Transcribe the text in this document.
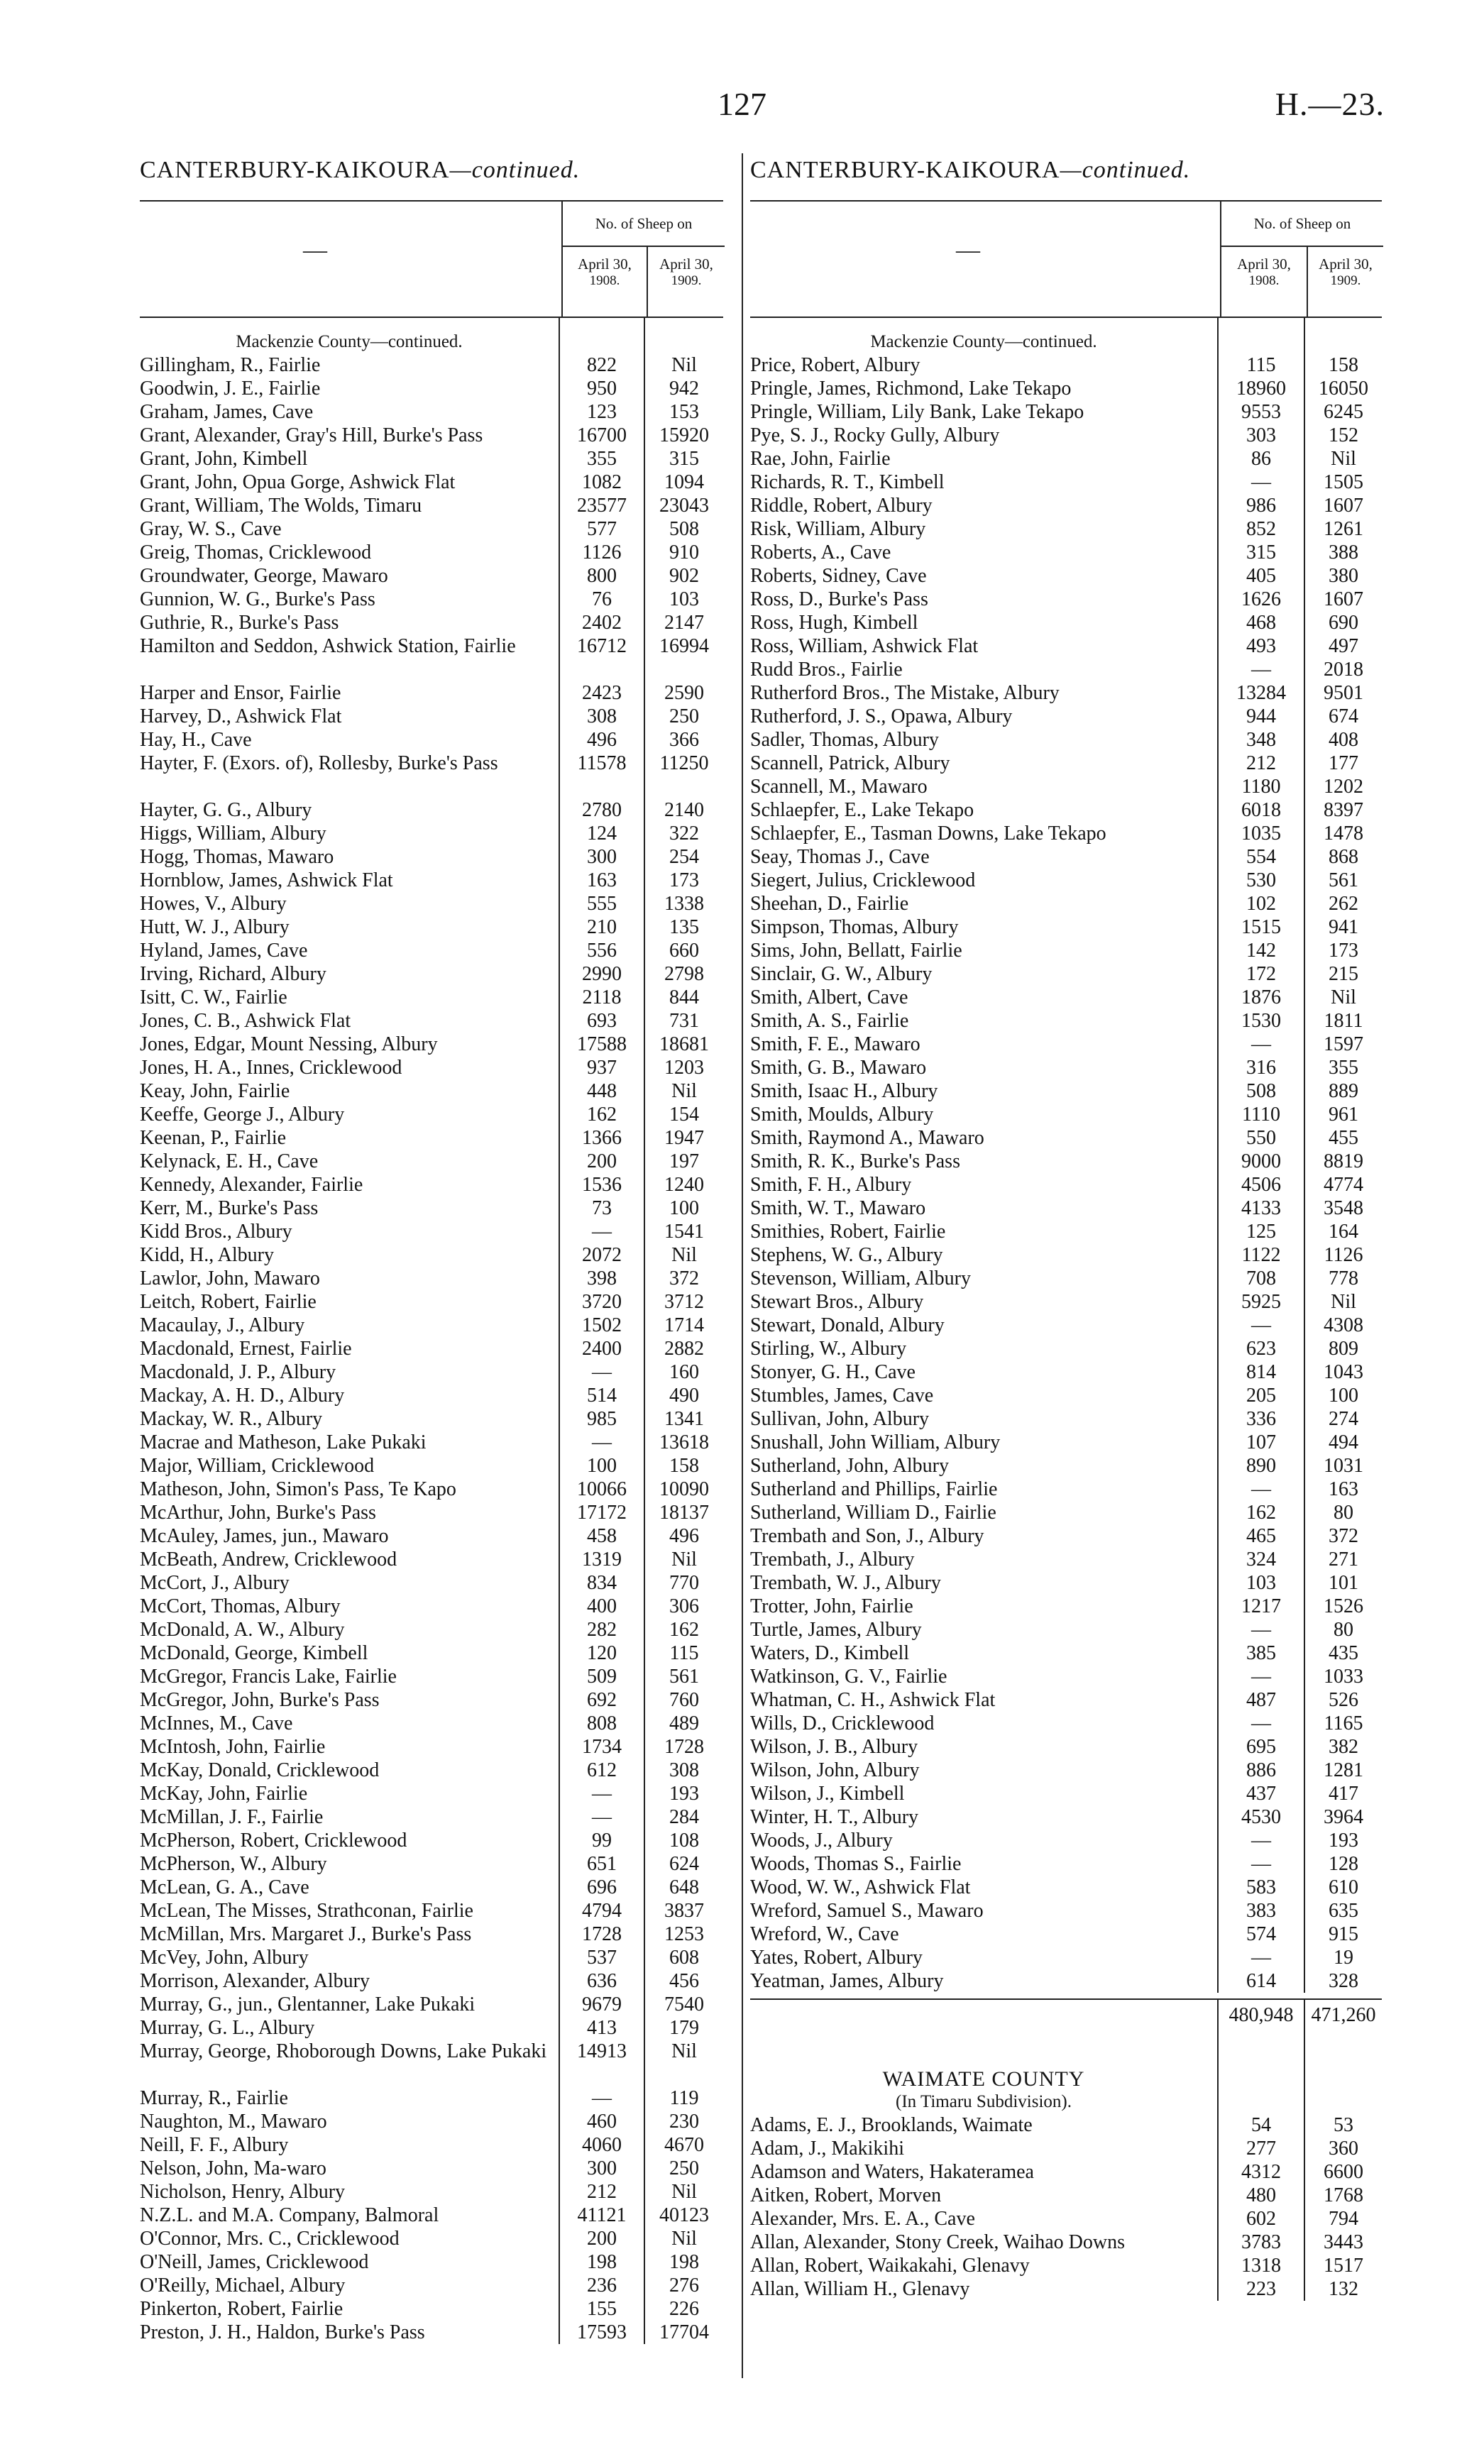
127	H.—23.
CANTERBURY-KAIKOURA—continued.
—
No. of Sheep on
April 30,
1908.
April 30,
1909.
Mackenzie County—continued.
Gillingham, R., Fairlie	822	Nil
Goodwin, J. E., Fairlie	950	942
Graham, James, Cave	123	153
Grant, Alexander, Gray's Hill, Burke's Pass	16700	15920
Grant, John, Kimbell	355	315
Grant, John, Opua Gorge, Ashwick Flat	1082	1094
Grant, William, The Wolds, Timaru	23577	23043
Gray, W. S., Cave	577	508
Greig, Thomas, Cricklewood	1126	910
Groundwater, George, Mawaro	800	902
Gunnion, W. G., Burke's Pass	76	103
Guthrie, R., Burke's Pass	2402	2147
Hamilton and Seddon, Ashwick Station, Fairlie	16712	16994
Harper and Ensor, Fairlie	2423	2590
Harvey, D., Ashwick Flat	308	250
Hay, H., Cave	496	366
Hayter, F. (Exors. of), Rollesby, Burke's Pass	11578	11250
Hayter, G. G., Albury	2780	2140
Higgs, William, Albury	124	322
Hogg, Thomas, Mawaro	300	254
Hornblow, James, Ashwick Flat	163	173
Howes, V., Albury	555	1338
Hutt, W. J., Albury	210	135
Hyland, James, Cave	556	660
Irving, Richard, Albury	2990	2798
Isitt, C. W., Fairlie	2118	844
Jones, C. B., Ashwick Flat	693	731
Jones, Edgar, Mount Nessing, Albury	17588	18681
Jones, H. A., Innes, Cricklewood	937	1203
Keay, John, Fairlie	448	Nil
Keeffe, George J., Albury	162	154
Keenan, P., Fairlie	1366	1947
Kelynack, E. H., Cave	200	197
Kennedy, Alexander, Fairlie	1536	1240
Kerr, M., Burke's Pass	73	100
Kidd Bros., Albury	—	1541
Kidd, H., Albury	2072	Nil
Lawlor, John, Mawaro	398	372
Leitch, Robert, Fairlie	3720	3712
Macaulay, J., Albury	1502	1714
Macdonald, Ernest, Fairlie	2400	2882
Macdonald, J. P., Albury	—	160
Mackay, A. H. D., Albury	514	490
Mackay, W. R., Albury	985	1341
Macrae and Matheson, Lake Pukaki	—	13618
Major, William, Cricklewood	100	158
Matheson, John, Simon's Pass, Te Kapo	10066	10090
McArthur, John, Burke's Pass	17172	18137
McAuley, James, jun., Mawaro	458	496
McBeath, Andrew, Cricklewood	1319	Nil
McCort, J., Albury	834	770
McCort, Thomas, Albury	400	306
McDonald, A. W., Albury	282	162
McDonald, George, Kimbell	120	115
McGregor, Francis Lake, Fairlie	509	561
McGregor, John, Burke's Pass	692	760
McInnes, M., Cave	808	489
McIntosh, John, Fairlie	1734	1728
McKay, Donald, Cricklewood	612	308
McKay, John, Fairlie	—	193
McMillan, J. F., Fairlie	—	284
McPherson, Robert, Cricklewood	99	108
McPherson, W., Albury	651	624
McLean, G. A., Cave	696	648
McLean, The Misses, Strathconan, Fairlie	4794	3837
McMillan, Mrs. Margaret J., Burke's Pass	1728	1253
McVey, John, Albury	537	608
Morrison, Alexander, Albury	636	456
Murray, G., jun., Glentanner, Lake Pukaki	9679	7540
Murray, G. L., Albury	413	179
Murray, George, Rhoborough Downs, Lake Pukaki	14913	Nil
Murray, R., Fairlie	—	119
Naughton, M., Mawaro	460	230
Neill, F. F., Albury	4060	4670
Nelson, John, Ma-waro	300	250
Nicholson, Henry, Albury	212	Nil
N.Z.L. and M.A. Company, Balmoral	41121	40123
O'Connor, Mrs. C., Cricklewood	200	Nil
O'Neill, James, Cricklewood	198	198
O'Reilly, Michael, Albury	236	276
Pinkerton, Robert, Fairlie	155	226
Preston, J. H., Haldon, Burke's Pass	17593	17704
CANTERBURY-KAIKOURA—continued.
—
No. of Sheep on
April 30,
1908.
April 30,
1909.
Mackenzie County—continued.
Price, Robert, Albury	115	158
Pringle, James, Richmond, Lake Tekapo	18960	16050
Pringle, William, Lily Bank, Lake Tekapo	9553	6245
Pye, S. J., Rocky Gully, Albury	303	152
Rae, John, Fairlie	86	Nil
Richards, R. T., Kimbell	—	1505
Riddle, Robert, Albury	986	1607
Risk, William, Albury	852	1261
Roberts, A., Cave	315	388
Roberts, Sidney, Cave	405	380
Ross, D., Burke's Pass	1626	1607
Ross, Hugh, Kimbell	468	690
Ross, William, Ashwick Flat	493	497
Rudd Bros., Fairlie	—	2018
Rutherford Bros., The Mistake, Albury	13284	9501
Rutherford, J. S., Opawa, Albury	944	674
Sadler, Thomas, Albury	348	408
Scannell, Patrick, Albury	212	177
Scannell, M., Mawaro	1180	1202
Schlaepfer, E., Lake Tekapo	6018	8397
Schlaepfer, E., Tasman Downs, Lake Tekapo	1035	1478
Seay, Thomas J., Cave	554	868
Siegert, Julius, Cricklewood	530	561
Sheehan, D., Fairlie	102	262
Simpson, Thomas, Albury	1515	941
Sims, John, Bellatt, Fairlie	142	173
Sinclair, G. W., Albury	172	215
Smith, Albert, Cave	1876	Nil
Smith, A. S., Fairlie	1530	1811
Smith, F. E., Mawaro	—	1597
Smith, G. B., Mawaro	316	355
Smith, Isaac H., Albury	508	889
Smith, Moulds, Albury	1110	961
Smith, Raymond A., Mawaro	550	455
Smith, R. K., Burke's Pass	9000	8819
Smith, F. H., Albury	4506	4774
Smith, W. T., Mawaro	4133	3548
Smithies, Robert, Fairlie	125	164
Stephens, W. G., Albury	1122	1126
Stevenson, William, Albury	708	778
Stewart Bros., Albury	5925	Nil
Stewart, Donald, Albury	—	4308
Stirling, W., Albury	623	809
Stonyer, G. H., Cave	814	1043
Stumbles, James, Cave	205	100
Sullivan, John, Albury	336	274
Snushall, John William, Albury	107	494
Sutherland, John, Albury	890	1031
Sutherland and Phillips, Fairlie	—	163
Sutherland, William D., Fairlie	162	80
Trembath and Son, J., Albury	465	372
Trembath, J., Albury	324	271
Trembath, W. J., Albury	103	101
Trotter, John, Fairlie	1217	1526
Turtle, James, Albury	—	80
Waters, D., Kimbell	385	435
Watkinson, G. V., Fairlie	—	1033
Whatman, C. H., Ashwick Flat	487	526
Wills, D., Cricklewood	—	1165
Wilson, J. B., Albury	695	382
Wilson, John, Albury	886	1281
Wilson, J., Kimbell	437	417
Winter, H. T., Albury	4530	3964
Woods, J., Albury	—	193
Woods, Thomas S., Fairlie	—	128
Wood, W. W., Ashwick Flat	583	610
Wreford, Samuel S., Mawaro	383	635
Wreford, W., Cave	574	915
Yates, Robert, Albury	—	19
Yeatman, James, Albury	614	328
480,948 471,260
WAIMATE COUNTY
(In Timaru Subdivision).
Adams, E. J., Brooklands, Waimate	54	53
Adam, J., Makikihi	277	360
Adamson and Waters, Hakateramea	4312	6600
Aitken, Robert, Morven	480	1768
Alexander, Mrs. E. A., Cave	602	794
Allan, Alexander, Stony Creek, Waihao Downs	3783	3443
Allan, Robert, Waikakahi, Glenavy	1318	1517
Allan, William H., Glenavy	223	132
